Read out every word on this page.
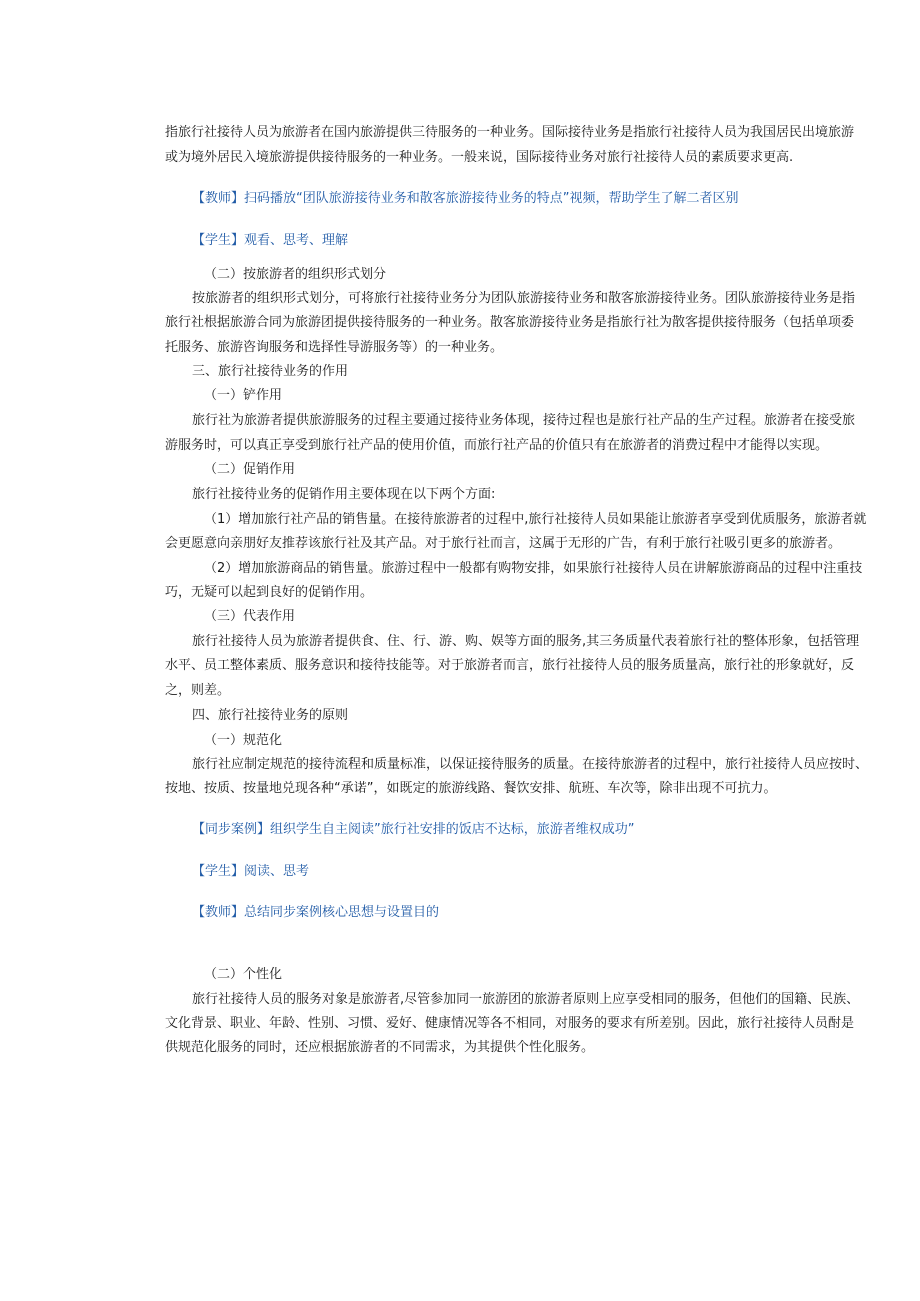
指旅行社接待人员为旅游者在国内旅游提供三待服务的一种业务。国际接待业务是指旅行社接待人员为我国居民出境旅游
或为境外居民入境旅游提供接待服务的一种业务。一般来说，国际接待业务对旅行社接待人员的素质要求更高.
【教师】扫码播放“团队旅游接待业务和散客旅游接待业务的特点”视频，帮助学生了解二者区别
【学生】观看、思考、理解
（二）按旅游者的组织形式划分
按旅游者的组织形式划分，可将旅行社接待业务分为团队旅游接待业务和散客旅游接待业务。团队旅游接待业务是指
旅行社根据旅游合同为旅游团提供接待服务的一种业务。散客旅游接待业务是指旅行社为散客提供接待服务（包括单项委
托服务、旅游咨询服务和选择性导游服务等）的一种业务。
三、旅行社接待业务的作用
（一）铲作用
旅行社为旅游者提供旅游服务的过程主要通过接待业务体现，接待过程也是旅行社产品的生产过程。旅游者在接受旅
游服务时，可以真正享受到旅行社产品的使用价值，而旅行社产品的价值只有在旅游者的消费过程中才能得以实现。
（二）促销作用
旅行社接待业务的促销作用主要体现在以下两个方面:
（1）增加旅行社产品的销售量。在接待旅游者的过程中,旅行社接待人员如果能让旅游者享受到优质服务，旅游者就
会更愿意向亲朋好友推荐该旅行社及其产品。对于旅行社而言，这属于无形的广告，有利于旅行社吸引更多的旅游者。
（2）增加旅游商品的销售量。旅游过程中一般都有购物安排，如果旅行社接待人员在讲解旅游商品的过程中注重技
巧，无疑可以起到良好的促销作用。
（三）代表作用
旅行社接待人员为旅游者提供食、住、行、游、购、娱等方面的服务,其三务质量代表着旅行社的整体形象，包括管理
水平、员工整体素质、服务意识和接待技能等。对于旅游者而言，旅行社接待人员的服务质量高，旅行社的形象就好，反
之，则差。
四、旅行社接待业务的原则
（一）规范化
旅行社应制定规范的接待流程和质量标准，以保证接待服务的质量。在接待旅游者的过程中，旅行社接待人员应按时、
按地、按质、按量地兑现各种“承诺”，如既定的旅游线路、餐饮安排、航班、车次等，除非出现不可抗力。
【同步案例】组织学生自主阅读”旅行社安排的饭店不达标，旅游者维权成功”
【学生】阅读、思考
【教师】总结同步案例核心思想与设置目的
（二）个性化
旅行社接待人员的服务对象是旅游者,尽管参加同一旅游团的旅游者原则上应享受相同的服务，但他们的国籍、民族、
文化背景、职业、年龄、性别、习惯、爱好、健康情况等各不相同，对服务的要求有所差别。因此，旅行社接待人员酎是
供规范化服务的同时，还应根据旅游者的不同需求，为其提供个性化服务。
